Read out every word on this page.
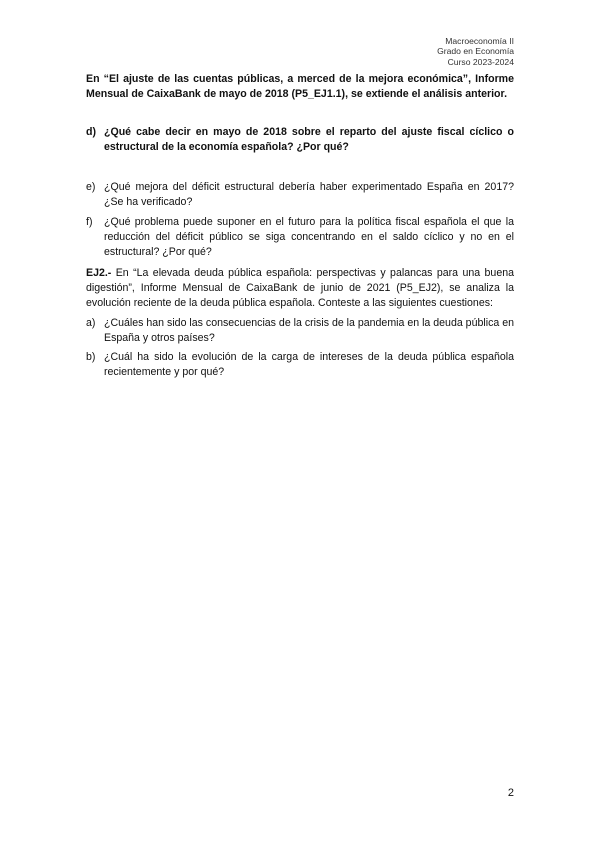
Macroeconomía II
Grado en Economía
Curso 2023-2024
En “El ajuste de las cuentas públicas, a merced de la mejora económica”, Informe Mensual de CaixaBank de mayo de 2018 (P5_EJ1.1), se extiende el análisis anterior.
d) ¿Qué cabe decir en mayo de 2018 sobre el reparto del ajuste fiscal cíclico o estructural de la economía española? ¿Por qué?
e) ¿Qué mejora del déficit estructural debería haber experimentado España en 2017? ¿Se ha verificado?
f)	¿Qué problema puede suponer en el futuro para la política fiscal española el que la reducción del déficit público se siga concentrando en el saldo cíclico y no en el estructural? ¿Por qué?
EJ2.- En “La elevada deuda pública española: perspectivas y palancas para una buena digestión”, Informe Mensual de CaixaBank de junio de 2021 (P5_EJ2), se analiza la evolución reciente de la deuda pública española. Conteste a las siguientes cuestiones:
a) ¿Cuáles han sido las consecuencias de la crisis de la pandemia en la deuda pública en España y otros países?
b) ¿Cuál ha sido la evolución de la carga de intereses de la deuda pública española recientemente y por qué?
2
